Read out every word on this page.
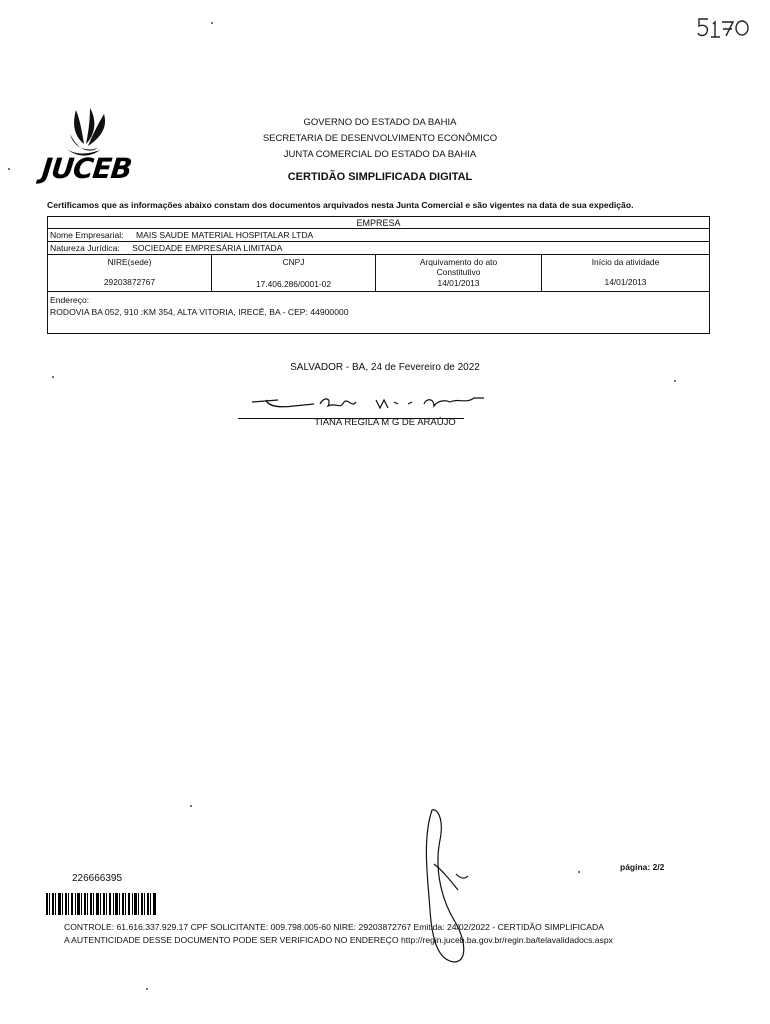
JUCEB
GOVERNO DO ESTADO DA BAHIA
SECRETARIA DE DESENVOLVIMENTO ECONÔMICO
JUNTA COMERCIAL DO ESTADO DA BAHIA
CERTIDÃO SIMPLIFICADA DIGITAL
Certificamos que as informações abaixo constam dos documentos arquivados nesta Junta Comercial e são vigentes na data de sua expedição.
EMPRESA
Nome Empresarial: MAIS SAUDE MATERIAL HOSPITALAR LTDA
Natureza Jurídica: SOCIEDADE EMPRESÁRIA LIMITADA
NIRE(sede)
29203872767
CNPJ
17.406.286/0001-02
Arquivamento do ato Constitutivo
14/01/2013
Início da atividade
14/01/2013
Endereço:
RODOVIA BA 052, 910 :KM 354, ALTA VITORIA, IRECÊ, BA - CEP: 44900000
SALVADOR - BA, 24 de Fevereiro de 2022
TIANA REGILA M G DE ARAÚJO
página: 2/2
226666395
CONTROLE: 61.616.337.929.17 CPF SOLICITANTE: 009.798.005-60 NIRE: 29203872767 Emitida: 24/02/2022 - CERTIDÃO SIMPLIFICADA
A AUTENTICIDADE DESSE DOCUMENTO PODE SER VERIFICADO NO ENDEREÇO http://regin.juceb.ba.gov.br/regin.ba/telavalidadocs.aspx
